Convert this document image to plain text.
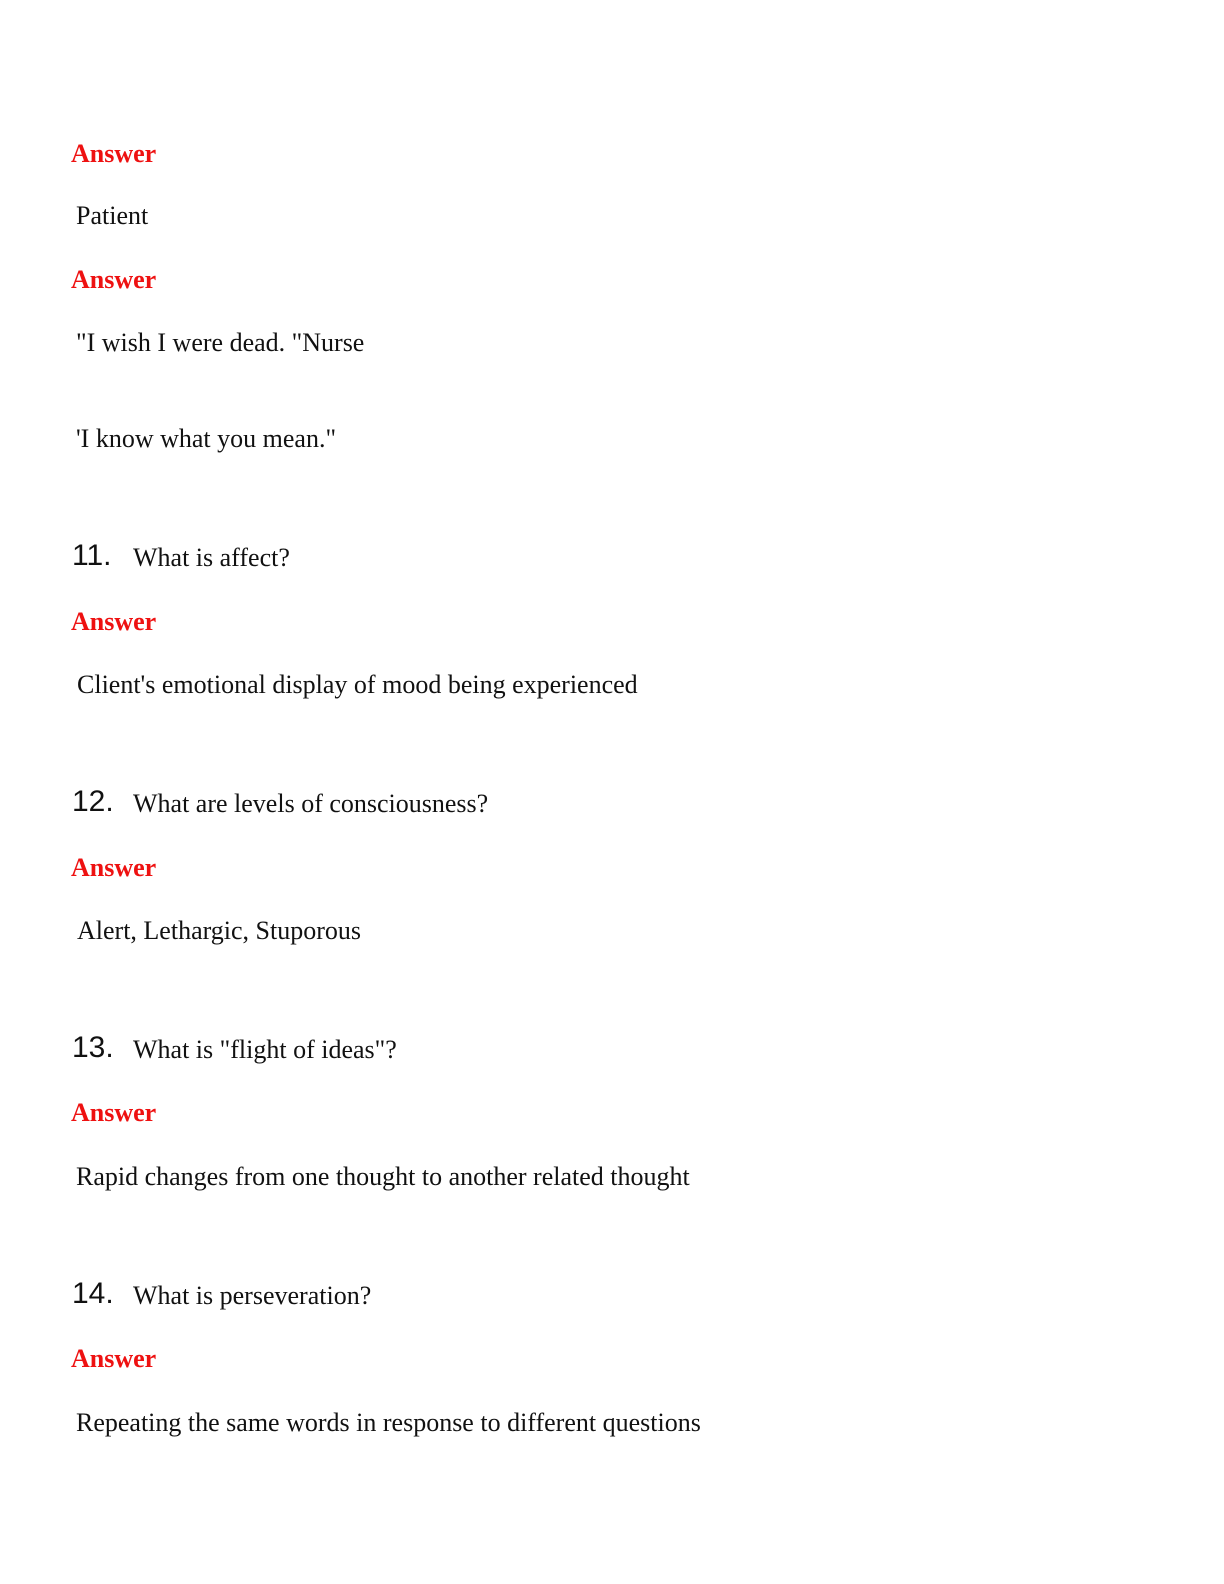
Answer
Patient
Answer
"I wish I were dead. "Nurse
'I know what you mean."
11. What is affect?
Answer
Client's emotional display of mood being experienced
12. What are levels of consciousness?
Answer
Alert, Lethargic, Stuporous
13. What is "flight of ideas"?
Answer
Rapid changes from one thought to another related thought
14. What is perseveration?
Answer
Repeating the same words in response to different questions
